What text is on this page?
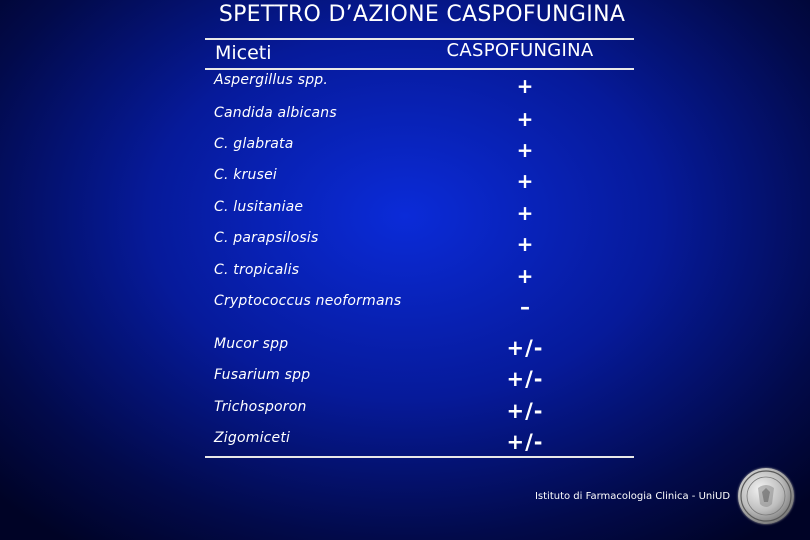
SPETTRO D’AZIONE CASPOFUNGINA
Miceti	CASPOFUNGINA
Aspergillus spp.	+
Candida albicans	+
C. glabrata	+
C. krusei	+
C. lusitaniae	+
C. parapsilosis	+
C. tropicalis	+
Cryptococcus neoformans	–
Mucor spp	+/-
Fusarium spp	+/-
Trichosporon	+/-
Zigomiceti	+/-
Istituto di Farmacologia Clinica - UniUD
